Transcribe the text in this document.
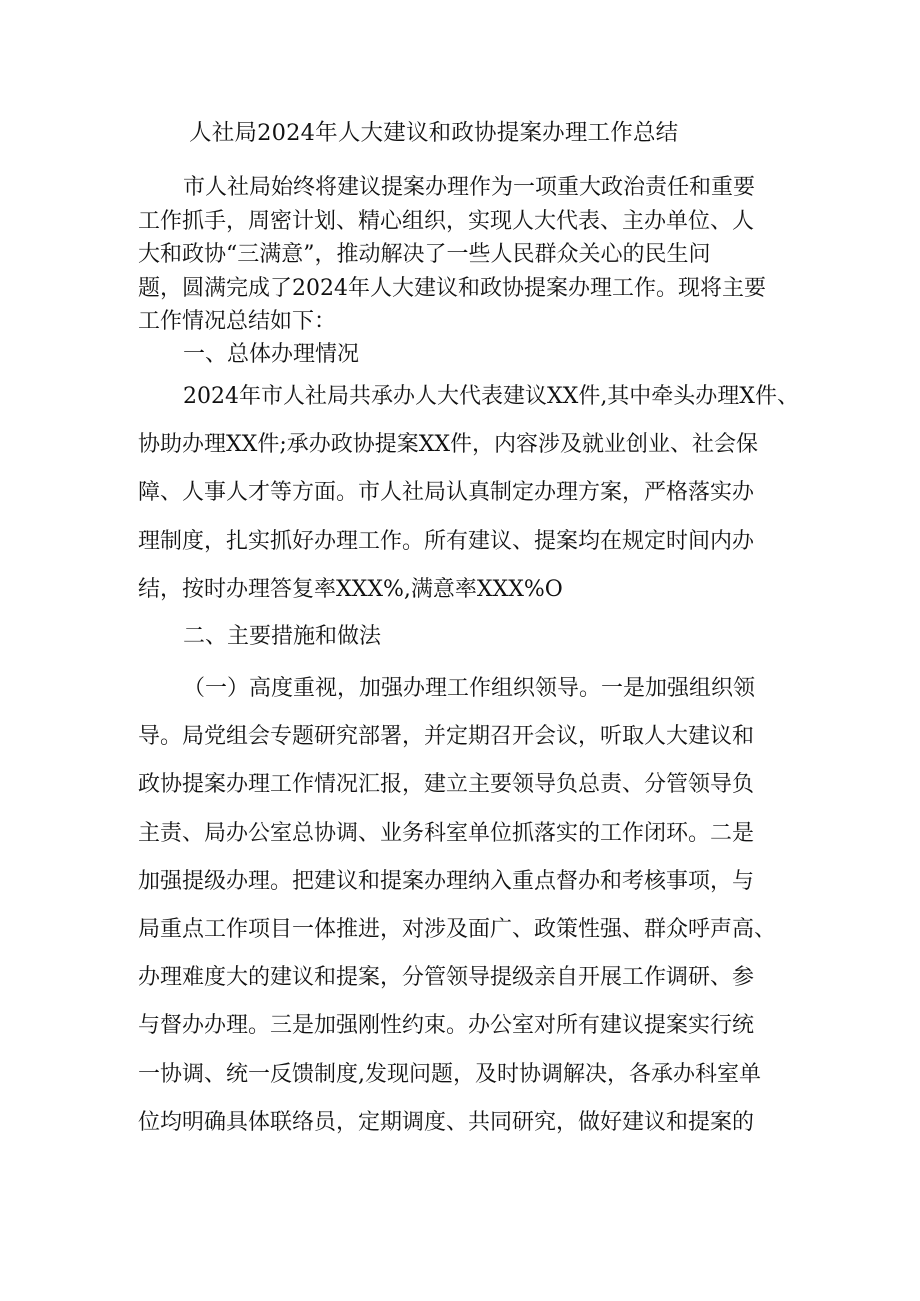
人社局2024年人大建议和政协提案办理工作总结

市人社局始终将建议提案办理作为一项重大政治责任和重要

工作抓手，周密计划、精心组织，实现人大代表、主办单位、人

大和政协“三满意”，推动解决了一些人民群众关心的民生问

题，圆满完成了2024年人大建议和政协提案办理工作。现将主要

工作情况总结如下：

一、总体办理情况

2024年市人社局共承办人大代表建议XX件,其中牵头办理X件、

协助办理XX件;承办政协提案XX件，内容涉及就业创业、社会保

障、人事人才等方面。市人社局认真制定办理方案，严格落实办

理制度，扎实抓好办理工作。所有建议、提案均在规定时间内办

结，按时办理答复率XXX%,满意率XXX%O

二、主要措施和做法

（一）高度重视，加强办理工作组织领导。一是加强组织领

导。局党组会专题研究部署，并定期召开会议，听取人大建议和

政协提案办理工作情况汇报，建立主要领导负总责、分管领导负

主责、局办公室总协调、业务科室单位抓落实的工作闭环。二是

加强提级办理。把建议和提案办理纳入重点督办和考核事项，与

局重点工作项目一体推进，对涉及面广、政策性强、群众呼声高、

办理难度大的建议和提案，分管领导提级亲自开展工作调研、参

与督办办理。三是加强刚性约束。办公室对所有建议提案实行统

一协调、统一反馈制度,发现问题，及时协调解决，各承办科室单

位均明确具体联络员，定期调度、共同研究，做好建议和提案的
